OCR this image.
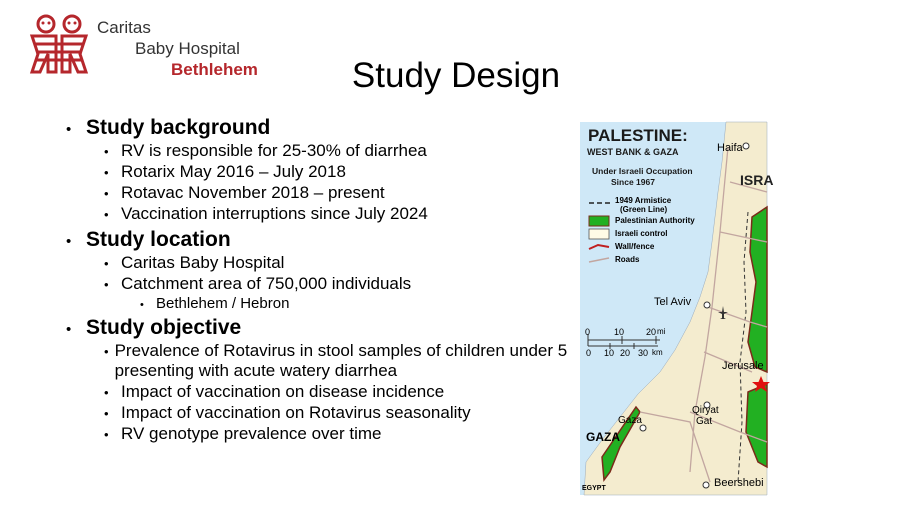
Caritas
Baby Hospital
Bethlehem	Study Design
• Study background
• RV is responsible for 25-30% of diarrhea
• Rotarix May 2016 – July 2018
• Rotavac November 2018 – present
• Vaccination interruptions since July 2024
• Study location
• Caritas Baby Hospital
• Catchment area of 750,000 individuals
• Bethlehem / Hebron
• Study objective
• Prevalence of Rotavirus in stool samples of children under 5 presenting with acute watery diarrhea
• Impact of vaccination on disease incidence
• Impact of vaccination on Rotavirus seasonality
• RV genotype prevalence over time
PALESTINE:
WEST BANK & GAZA
Under Israeli Occupation
Since 1967
1949 Armistice
(Green Line)
Palestinian Authority
Israeli control
Wall/fence
Roads
Haifa
ISRA
Tel Aviv
Jerusale
Qiryat
Gat
Gaza
GAZA
EGYPT	Beershebi
0	10 20 mi
0 10 20 30 km
